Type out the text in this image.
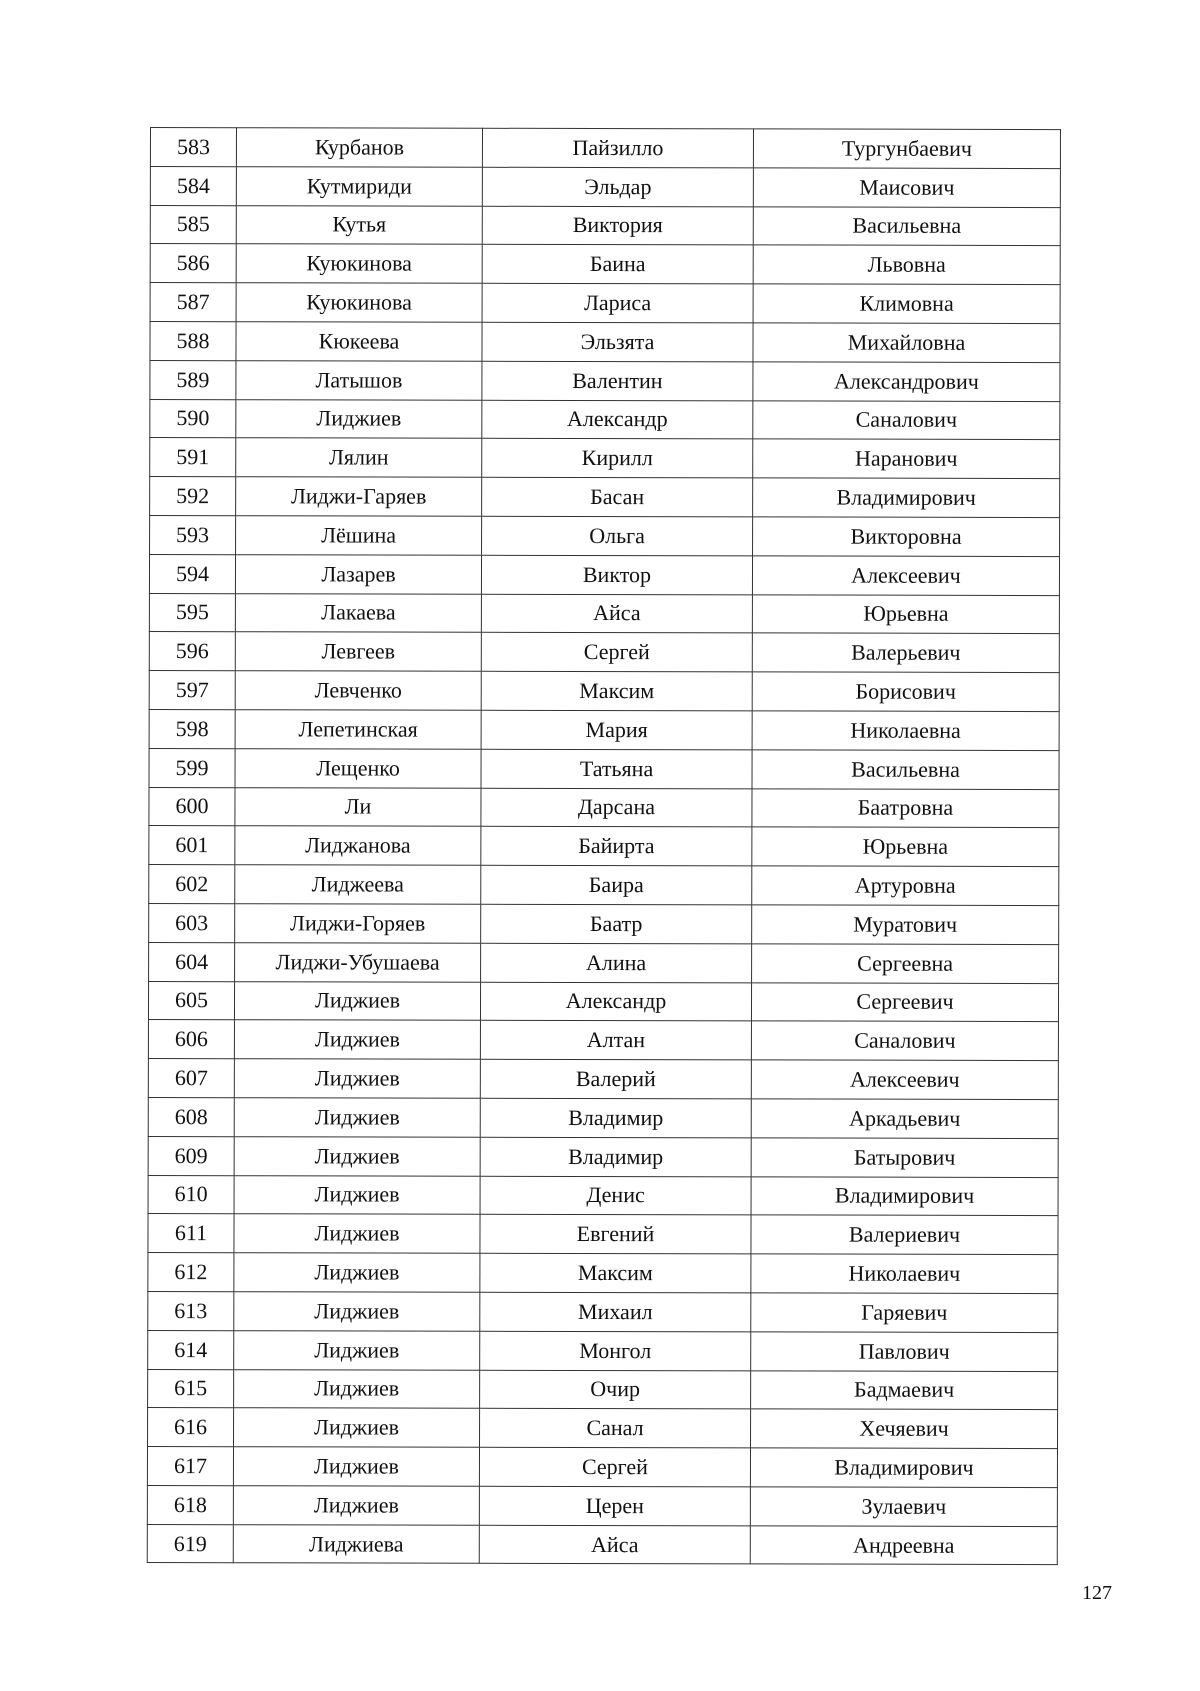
583	Курбанов	Пайзилло	Тургунбаевич
584	Кутмириди	Эльдар	Маисович
585	Кутья	Виктория	Васильевна
586	Куюкинова	Баина	Львовна
587	Куюкинова	Лариса	Климовна
588	Кюкеева	Эльзята	Михайловна
589	Латышов	Валентин	Александрович
590	Лиджиев	Александр	Саналович
591	Лялин	Кирилл	Наранович
592	Лиджи-Гаряев	Басан	Владимирович
593	Лёшина	Ольга	Викторовна
594	Лазарев	Виктор	Алексеевич
595	Лакаева	Айса	Юрьевна
596	Левгеев	Сергей	Валерьевич
597	Левченко	Максим	Борисович
598	Лепетинская	Мария	Николаевна
599	Лещенко	Татьяна	Васильевна
600	Ли	Дарсана	Баатровна
601	Лиджанова	Байирта	Юрьевна
602	Лиджеева	Баира	Артуровна
603	Лиджи-Горяев	Баатр	Муратович
604	Лиджи-Убушаева	Алина	Сергеевна
605	Лиджиев	Александр	Сергеевич
606	Лиджиев	Алтан	Саналович
607	Лиджиев	Валерий	Алексеевич
608	Лиджиев	Владимир	Аркадьевич
609	Лиджиев	Владимир	Батырович
610	Лиджиев	Денис	Владимирович
611	Лиджиев	Евгений	Валериевич
612	Лиджиев	Максим	Николаевич
613	Лиджиев	Михаил	Гаряевич
614	Лиджиев	Монгол	Павлович
615	Лиджиев	Очир	Бадмаевич
616	Лиджиев	Санал	Хечяевич
617	Лиджиев	Сергей	Владимирович
618	Лиджиев	Церен	Зулаевич
619	Лиджиева	Айса	Андреевна
127
